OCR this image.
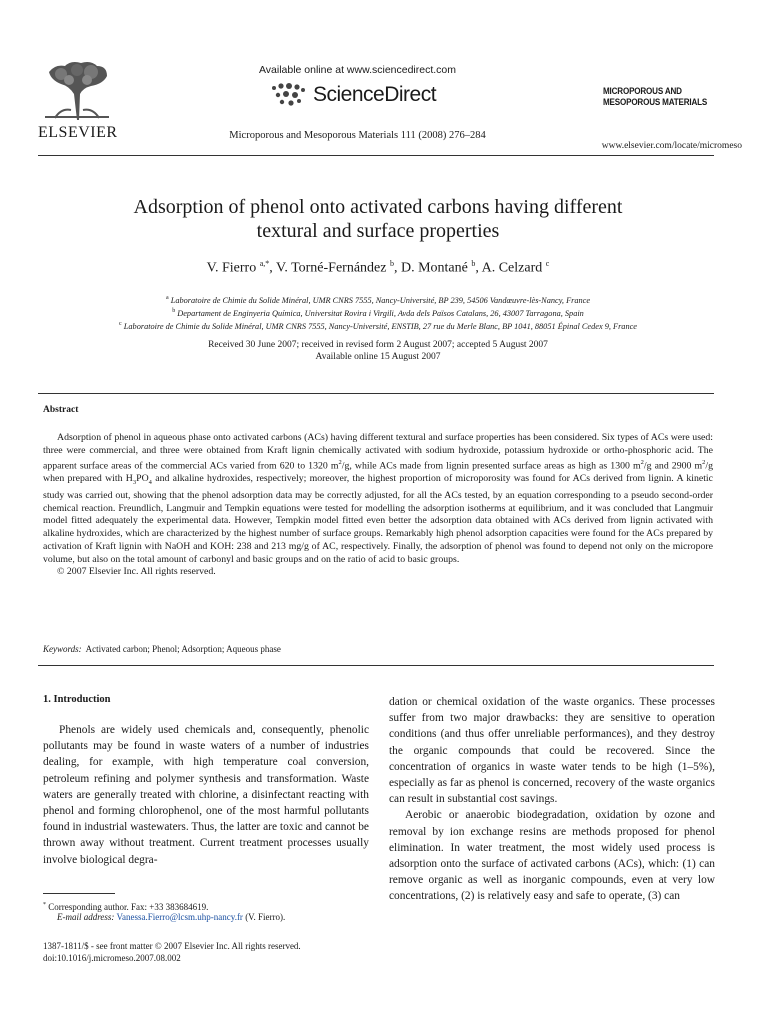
ELSEVIER
Available online at www.sciencedirect.com
ScienceDirect
Microporous and Mesoporous Materials 111 (2008) 276–284
MICROPOROUS AND
MESOPOROUS MATERIALS
www.elsevier.com/locate/micromeso
Adsorption of phenol onto activated carbons having different
textural and surface properties
V. Fierro $^{a,*}$, V. Torné-Fernández $^b$, D. Montané $^b$, A. Celzard $^c$
$^a$ Laboratoire de Chimie du Solide Minéral, UMR CNRS 7555, Nancy-Université, BP 239, 54506 Vandœuvre-lès-Nancy, France
$^b$ Departament de Enginyeria Química, Universitat Rovira i Virgili, Avda dels Països Catalans, 26, 43007 Tarragona, Spain
$^c$ Laboratoire de Chimie du Solide Minéral, UMR CNRS 7555, Nancy-Université, ENSTIB, 27 rue du Merle Blanc, BP 1041, 88051 Épinal Cedex 9, France
Received 30 June 2007; received in revised form 2 August 2007; accepted 5 August 2007
Available online 15 August 2007
Abstract

Adsorption of phenol in aqueous phase onto activated carbons (ACs) having different textural and surface properties has been considered. Six types of ACs were used: three were commercial, and three were obtained from Kraft lignin chemically activated with sodium hydroxide, potassium hydroxide or ortho-phosphoric acid. The apparent surface areas of the commercial ACs varied from 620 to 1320 $m^2/g$, while ACs made from lignin presented surface areas as high as 1300 $m^2/g$ and 2900 $m^2/g$ when prepared with $H_3PO_4$ and alkaline hydroxides, respectively; moreover, the highest proportion of microporosity was found for ACs derived from lignin. A kinetic study was carried out, showing that the phenol adsorption data may be correctly adjusted, for all the ACs tested, by an equation corresponding to a pseudo second-order chemical reaction. Freundlich, Langmuir and Tempkin equations were tested for modelling the adsorption isotherms at equilibrium, and it was concluded that Langmuir model fitted adequately the experimental data. However, Tempkin model fitted even better the adsorption data obtained with ACs derived from lignin activated with alkaline hydroxides, which are characterized by the highest number of surface groups. Remarkably high phenol adsorption capacities were found for the ACs prepared by activation of Kraft lignin with NaOH and KOH: 238 and 213 mg/g of AC, respectively. Finally, the adsorption of phenol was found to depend not only on the micropore volume, but also on the total amount of carbonyl and basic groups and on the ratio of acid to basic groups.

© 2007 Elsevier Inc. All rights reserved.

Keywords: Activated carbon; Phenol; Adsorption; Aqueous phase
1. Introduction

Phenols are widely used chemicals and, consequently, phenolic pollutants may be found in waste waters of a number of industries dealing, for example, with high temperature coal conversion, petroleum refining and polymer synthesis and transformation. Waste waters are generally treated with chlorine, a disinfectant reacting with phenol and forming chlorophenol, one of the most harmful pollutants found in industrial wastewaters. Thus, the latter are toxic and cannot be thrown away without treatment. Current treatment processes usually involve biological degra-

dation or chemical oxidation of the waste organics. These processes suffer from two major drawbacks: they are sensitive to operation conditions (and thus offer unreliable performances), and they destroy the organic compounds that could be recovered. Since the concentration of organics in waste water tends to be high (1–5%), especially as far as phenol is concerned, recovery of the waste organics can result in substantial cost savings.

Aerobic or anaerobic biodegradation, oxidation by ozone and removal by ion exchange resins are methods proposed for phenol elimination. In water treatment, the most widely used process is adsorption onto the surface of activated carbons (ACs), which: (1) can remove organic as well as inorganic compounds, even at very low concentrations, (2) is relatively easy and safe to operate, (3) can

* Corresponding author. Fax: +33 383684619.
E-mail address: Vanessa.Fierro@lcsm.uhp-nancy.fr (V. Fierro).
1387-1811/$ - see front matter © 2007 Elsevier Inc. All rights reserved.
doi:10.1016/j.micromeso.2007.08.002
